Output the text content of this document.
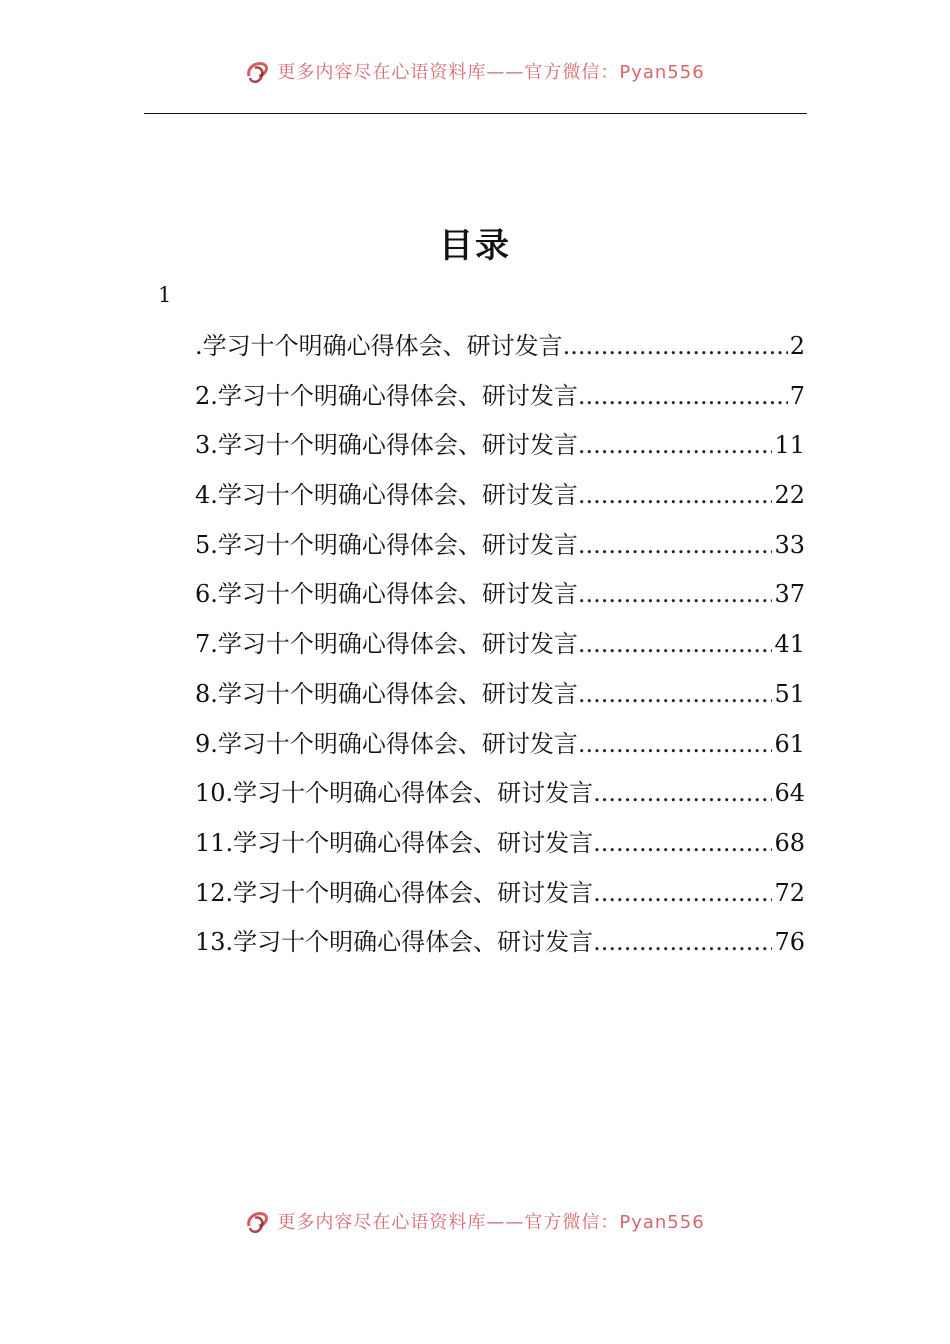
更多内容尽在心语资料库——官方微信：Pyan556
目录
1
.学习十个明确心得体会、研讨发言 .....	2
2.学习十个明确心得体会、研讨发言 .....	7
3.学习十个明确心得体会、研讨发言 .....	11
4.学习十个明确心得体会、研讨发言 .....	22
5.学习十个明确心得体会、研讨发言 .....	33
6.学习十个明确心得体会、研讨发言 .....	37
7.学习十个明确心得体会、研讨发言 .....	41
8.学习十个明确心得体会、研讨发言 .....	51
9.学习十个明确心得体会、研讨发言 .....	61
10.学习十个明确心得体会、研讨发言 .....	64
11.学习十个明确心得体会、研讨发言 .....	68
12.学习十个明确心得体会、研讨发言 .....	72
13.学习十个明确心得体会、研讨发言 .....	76
更多内容尽在心语资料库——官方微信：Pyan556
